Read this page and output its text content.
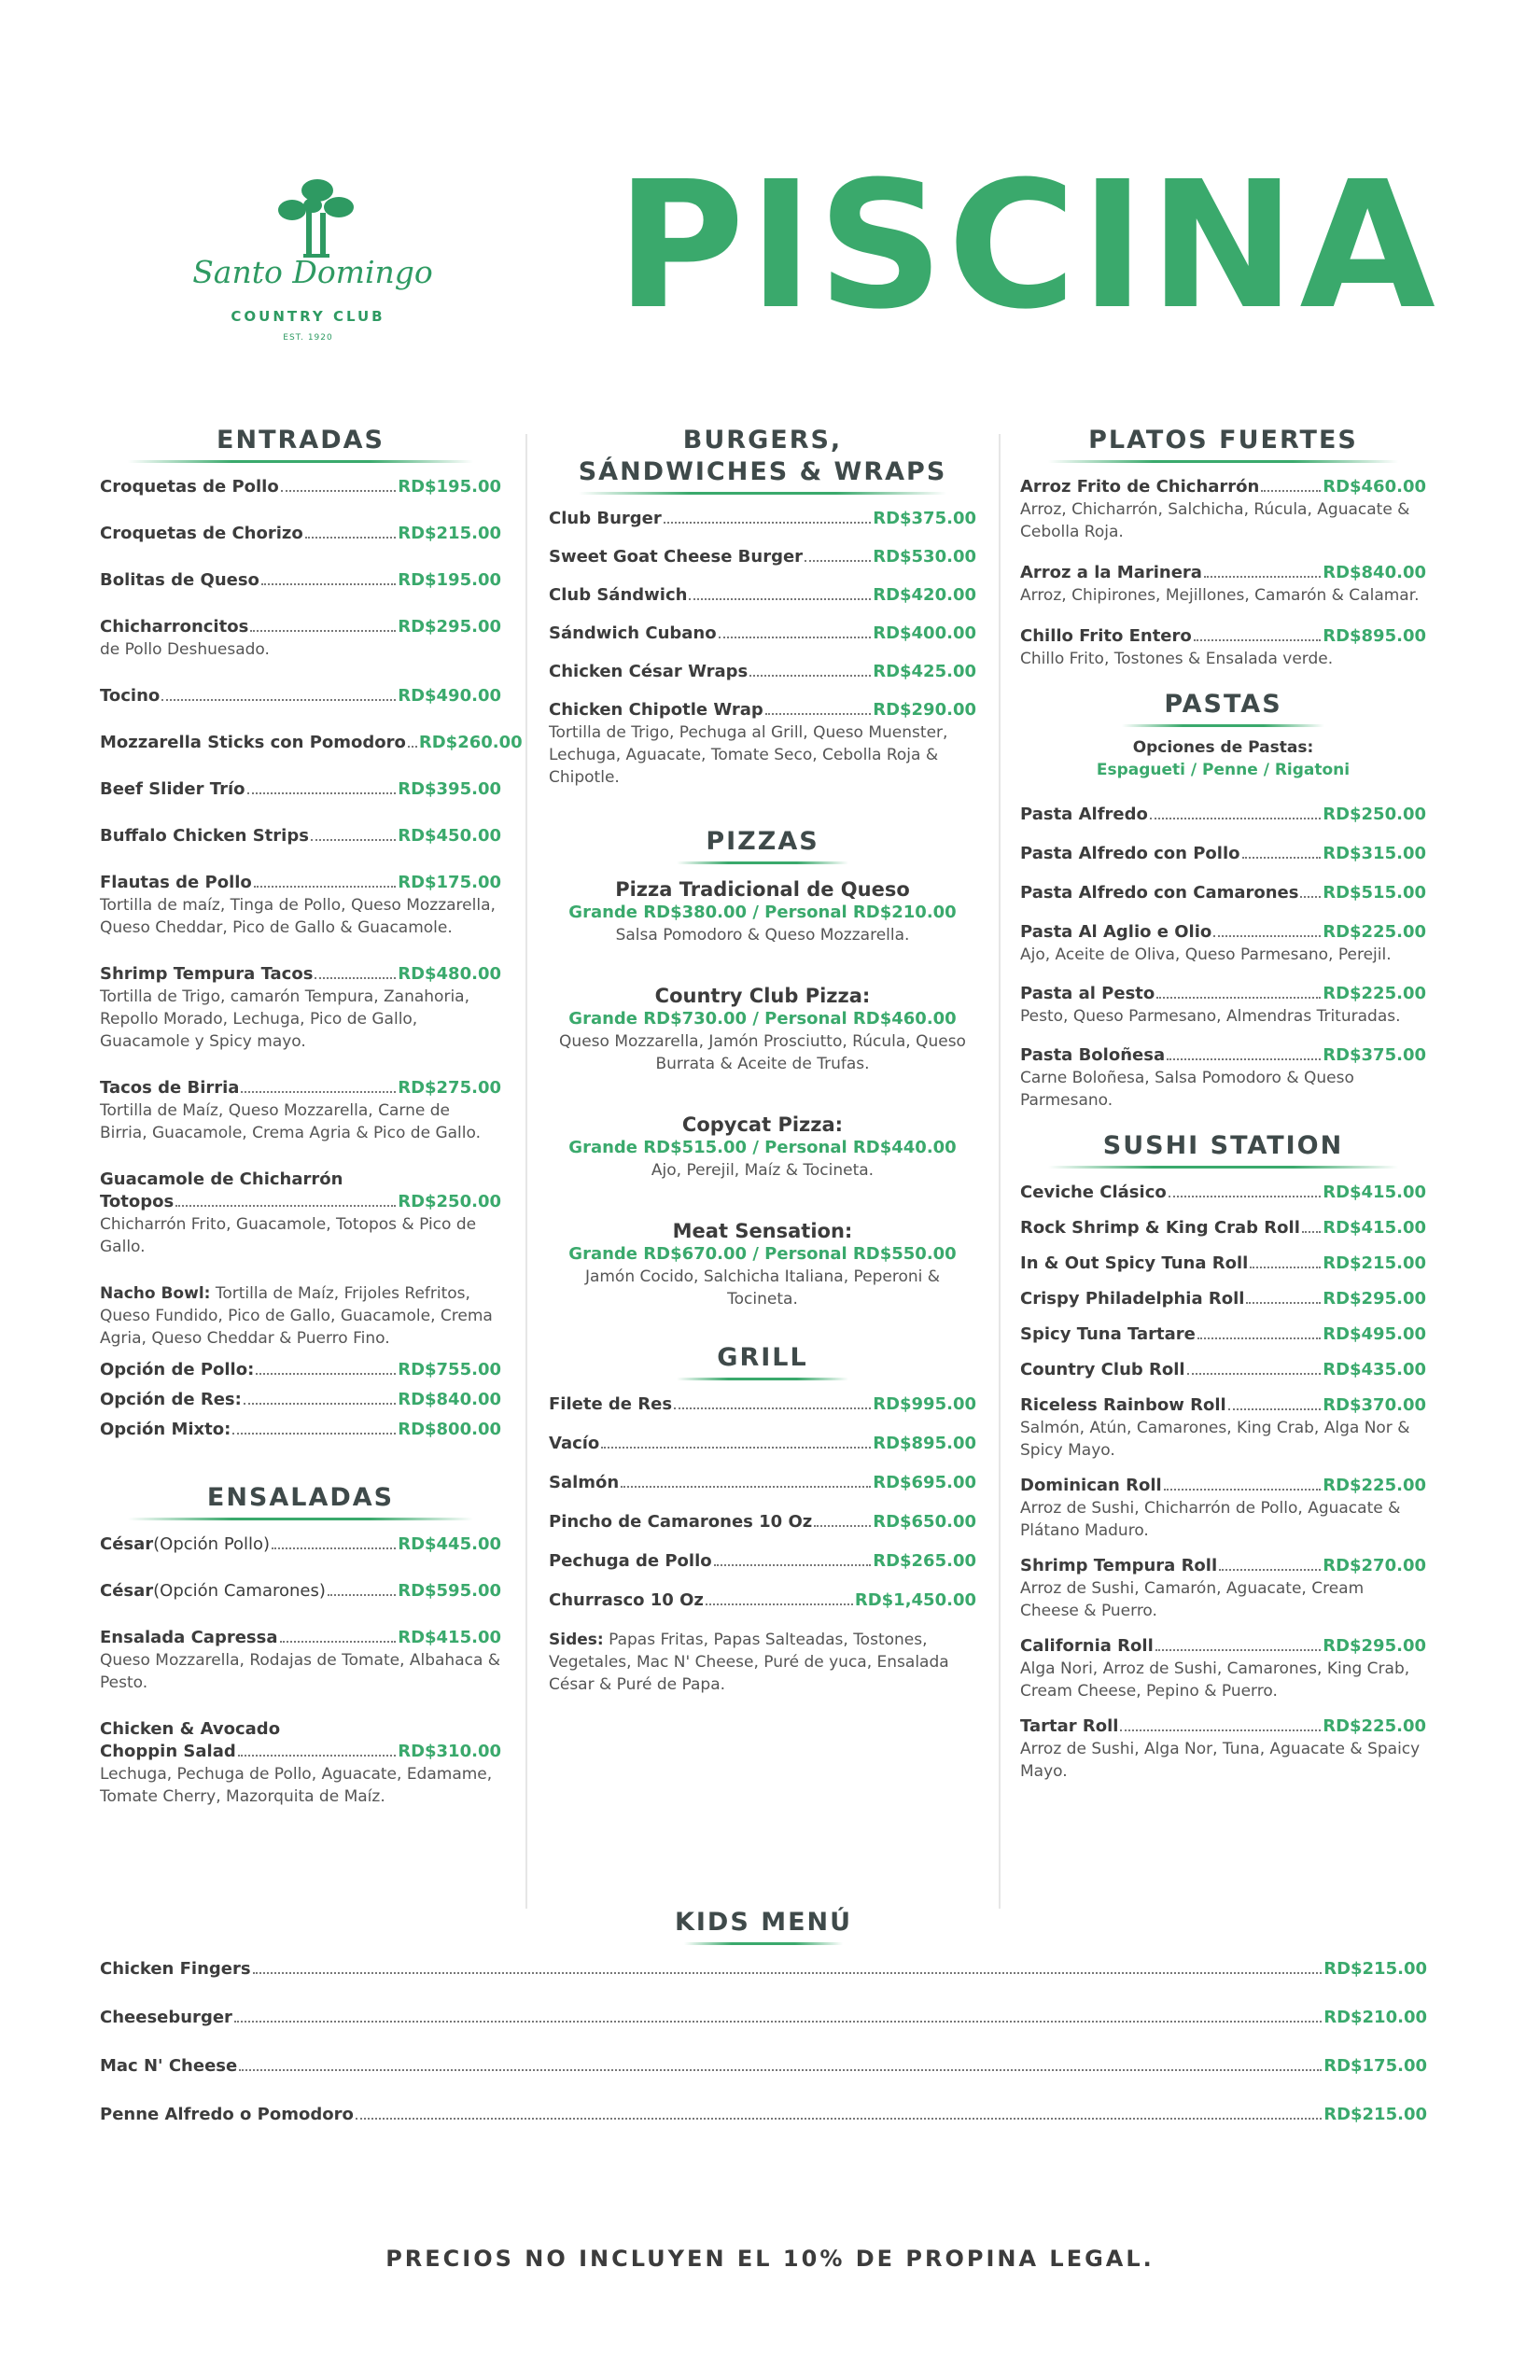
Santo Domingo
COUNTRY CLUB
EST. 1920	PISCINA
ENTRADAS
Croquetas de Pollo	RD$195.00
Croquetas de Chorizo	RD$215.00
Bolitas de Queso	RD$195.00
Chicharroncitos	RD$295.00
de Pollo Deshuesado.
Tocino	RD$490.00
Mozzarella Sticks con Pomodoro RD$260.00
Beef Slider Trío	RD$395.00
Buffalo Chicken Strips	RD$450.00
Flautas de Pollo	RD$175.00
Tortilla de maíz, Tinga de Pollo, Queso Mozzarella, Queso Cheddar, Pico de Gallo & Guacamole.
Shrimp Tempura Tacos	RD$480.00
Tortilla de Trigo, camarón Tempura, Zanahoria, Repollo Morado, Lechuga, Pico de Gallo, Guacamole y Spicy mayo.
Tacos de Birria	RD$275.00
Tortilla de Maíz, Queso Mozzarella, Carne de Birria, Guacamole, Crema Agria & Pico de Gallo.
Guacamole de Chicharrón
Totopos	RD$250.00
Chicharrón Frito, Guacamole, Totopos & Pico de Gallo.
Nacho Bowl: Tortilla de Maíz, Frijoles Refritos, Queso Fundido, Pico de Gallo, Guacamole, Crema Agria, Queso Cheddar & Puerro Fino.
Opción de Pollo:	RD$755.00
Opción de Res:	RD$840.00
Opción Mixto:	RD$800.00
ENSALADAS
César (Opción Pollo)	RD$445.00
César (Opción Camarones)	RD$595.00
Ensalada Capressa	RD$415.00
Queso Mozzarella, Rodajas de Tomate, Albahaca & Pesto.
Chicken & Avocado
Choppin Salad	RD$310.00
Lechuga, Pechuga de Pollo, Aguacate, Edamame, Tomate Cherry, Mazorquita de Maíz.
BURGERS,
SÁNDWICHES & WRAPS
Club Burger	RD$375.00
Sweet Goat Cheese Burger	RD$530.00
Club Sándwich	RD$420.00
Sándwich Cubano	RD$400.00
Chicken César Wraps	RD$425.00
Chicken Chipotle Wrap	RD$290.00
Tortilla de Trigo, Pechuga al Grill, Queso Muenster, Lechuga, Aguacate, Tomate Seco, Cebolla Roja & Chipotle.
PIZZAS
Pizza Tradicional de Queso
Grande RD$380.00 / Personal RD$210.00
Salsa Pomodoro & Queso Mozzarella.
Country Club Pizza:
Grande RD$730.00 / Personal RD$460.00
Queso Mozzarella, Jamón Prosciutto, Rúcula, Queso Burrata & Aceite de Trufas.
Copycat Pizza:
Grande RD$515.00 / Personal RD$440.00
Ajo, Perejil, Maíz & Tocineta.
Meat Sensation:
Grande RD$670.00 / Personal RD$550.00
Jamón Cocido, Salchicha Italiana, Peperoni & Tocineta.
GRILL
Filete de Res	RD$995.00
Vacío	RD$895.00
Salmón	RD$695.00
Pincho de Camarones 10 Oz	RD$650.00
Pechuga de Pollo	RD$265.00
Churrasco 10 Oz	RD$1,450.00
Sides: Papas Fritas, Papas Salteadas, Tostones, Vegetales, Mac N' Cheese, Puré de yuca, Ensalada César & Puré de Papa.
PLATOS FUERTES
Arroz Frito de Chicharrón	RD$460.00
Arroz, Chicharrón, Salchicha, Rúcula, Aguacate & Cebolla Roja.
Arroz a la Marinera	RD$840.00
Arroz, Chipirones, Mejillones, Camarón & Calamar.
Chillo Frito Entero	RD$895.00
Chillo Frito, Tostones & Ensalada verde.
PASTAS
Opciones de Pastas:
Espagueti / Penne / Rigatoni
Pasta Alfredo	RD$250.00
Pasta Alfredo con Pollo	RD$315.00
Pasta Alfredo con Camarones RD$515.00
Pasta Al Aglio e Olio	RD$225.00
Ajo, Aceite de Oliva, Queso Parmesano, Perejil.
Pasta al Pesto	RD$225.00
Pesto, Queso Parmesano, Almendras Trituradas.
Pasta Boloñesa	RD$375.00
Carne Boloñesa, Salsa Pomodoro & Queso Parmesano.
SUSHI STATION
Ceviche Clásico	RD$415.00
Rock Shrimp & King Crab Roll RD$415.00
In & Out Spicy Tuna Roll	RD$215.00
Crispy Philadelphia Roll	RD$295.00
Spicy Tuna Tartare	RD$495.00
Country Club Roll	RD$435.00
Riceless Rainbow Roll	RD$370.00
Salmón, Atún, Camarones, King Crab, Alga Nor & Spicy Mayo.
Dominican Roll	RD$225.00
Arroz de Sushi, Chicharrón de Pollo, Aguacate & Plátano Maduro.
Shrimp Tempura Roll	RD$270.00
Arroz de Sushi, Camarón, Aguacate, Cream Cheese & Puerro.
California Roll	RD$295.00
Alga Nori, Arroz de Sushi, Camarones, King Crab, Cream Cheese, Pepino & Puerro.
Tartar Roll	RD$225.00
Arroz de Sushi, Alga Nor, Tuna, Aguacate & Spaicy Mayo.
KIDS MENÚ
Chicken Fingers	RD$215.00
Cheeseburger	RD$210.00
Mac N' Cheese	RD$175.00
Penne Alfredo o Pomodoro	RD$215.00
PRECIOS NO INCLUYEN EL 10% DE PROPINA LEGAL.
